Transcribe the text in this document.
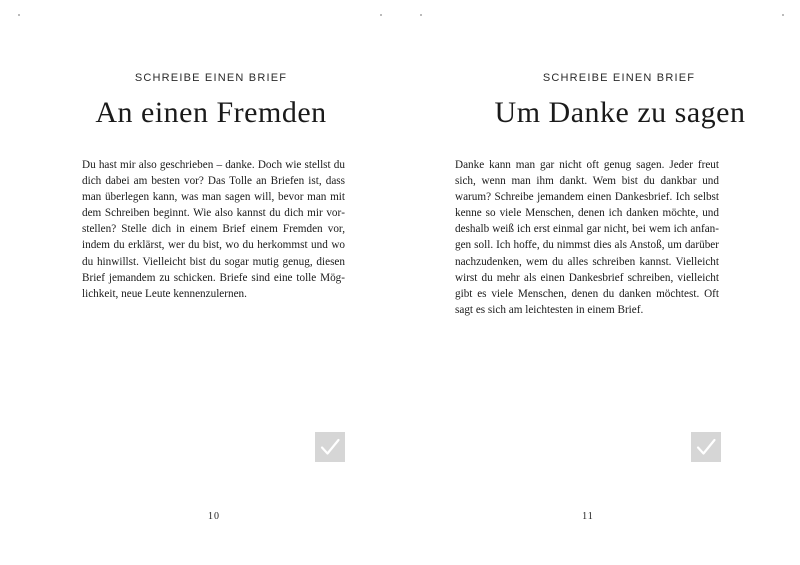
SCHREIBE EINEN BRIEF
An einen Fremden
Du hast mir also geschrieben – danke. Doch wie stellst du dich dabei am besten vor? Das Tolle an Briefen ist, dass man überlegen kann, was man sagen will, bevor man mit dem Schreiben beginnt. Wie also kannst du dich mir vorstellen? Stelle dich in einem Brief einem Fremden vor, indem du erklärst, wer du bist, wo du herkommst und wo du hinwillst. Vielleicht bist du sogar mutig genug, diesen Brief jemandem zu schicken. Briefe sind eine tolle Möglichkeit, neue Leute kennenzulernen.
10
SCHREIBE EINEN BRIEF
Um Danke zu sagen
Danke kann man gar nicht oft genug sagen. Jeder freut sich, wenn man ihm dankt. Wem bist du dankbar und warum? Schreibe jemandem einen Dankesbrief. Ich selbst kenne so viele Menschen, denen ich danken möchte, und deshalb weiß ich erst einmal gar nicht, bei wem ich anfangen soll. Ich hoffe, du nimmst dies als Anstoß, um darüber nachzudenken, wem du alles schreiben kannst. Vielleicht wirst du mehr als einen Dankesbrief schreiben, vielleicht gibt es viele Menschen, denen du danken möchtest. Oft sagt es sich am leichtesten in einem Brief.
11
